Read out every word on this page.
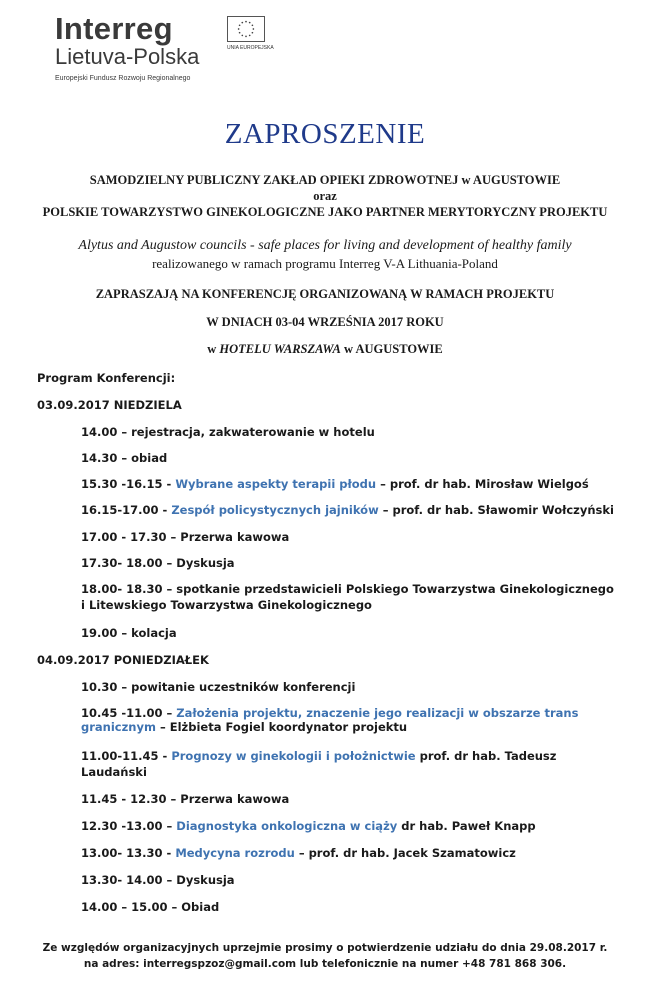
Interreg
Lietuva-Polska
Europejski Fundusz Rozwoju Regionalnego
UNIA EUROPEJSKA
ZAPROSZENIE
SAMODZIELNY PUBLICZNY ZAKŁAD OPIEKI ZDROWOTNEJ w AUGUSTOWIE
oraz
POLSKIE TOWARZYSTWO GINEKOLOGICZNE JAKO PARTNER MERYTORYCZNY PROJEKTU
Alytus and Augustow councils - safe places for living and development of healthy family
realizowanego w ramach programu Interreg V-A Lithuania-Poland
ZAPRASZAJĄ NA KONFERENCJĘ ORGANIZOWANĄ W RAMACH PROJEKTU
W DNIACH 03-04 WRZEŚNIA 2017 ROKU
w HOTELU WARSZAWA w AUGUSTOWIE
Program Konferencji:
03.09.2017 NIEDZIELA
14.00 – rejestracja, zakwaterowanie w hotelu
14.30 – obiad
15.30 -16.15 - Wybrane aspekty terapii płodu – prof. dr hab. Mirosław Wielgoś
16.15-17.00 - Zespół policystycznych jajników – prof. dr hab. Sławomir Wołczyński
17.00 - 17.30 – Przerwa kawowa
17.30- 18.00 – Dyskusja
18.00- 18.30 – spotkanie przedstawicieli Polskiego Towarzystwa Ginekologicznego
i Litewskiego Towarzystwa Ginekologicznego
19.00 – kolacja
04.09.2017 PONIEDZIAŁEK
10.30 – powitanie uczestników konferencji
10.45 -11.00 – Założenia projektu, znaczenie jego realizacji w obszarze trans
granicznym – Elżbieta Fogiel koordynator projektu
11.00-11.45 - Prognozy w ginekologii i położnictwie prof. dr hab. Tadeusz
Laudański
11.45 - 12.30 – Przerwa kawowa
12.30 -13.00 – Diagnostyka onkologiczna w ciąży dr hab. Paweł Knapp
13.00- 13.30 - Medycyna rozrodu – prof. dr hab. Jacek Szamatowicz
13.30- 14.00 – Dyskusja
14.00 – 15.00 – Obiad
Ze względów organizacyjnych uprzejmie prosimy o potwierdzenie udziału do dnia 29.08.2017 r.
na adres: interregspzoz@gmail.com lub telefonicznie na numer +48 781 868 306.
